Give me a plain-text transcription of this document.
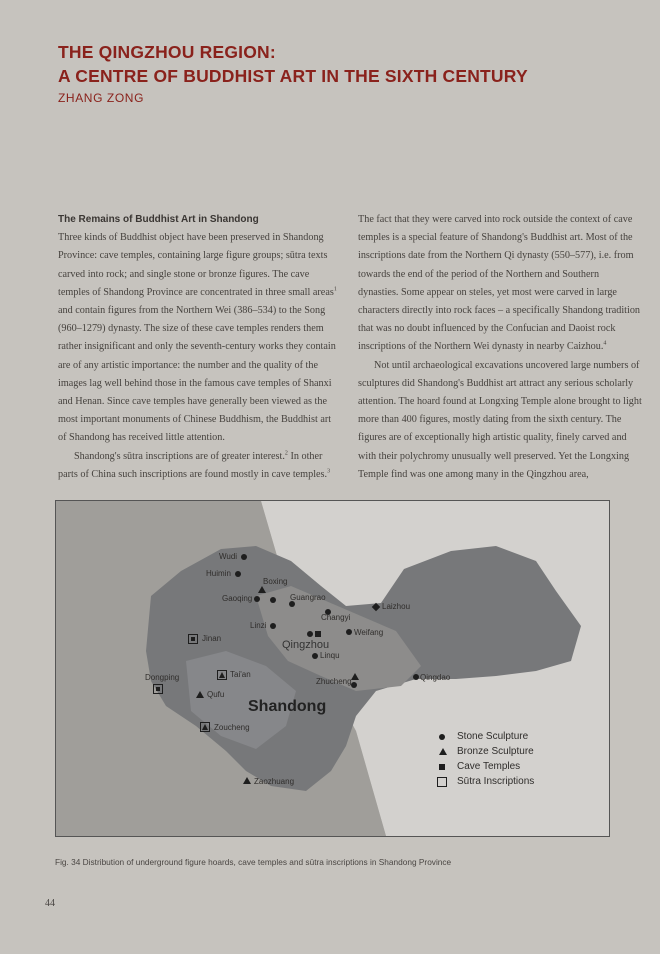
THE QINGZHOU REGION:
A CENTRE OF BUDDHIST ART IN THE SIXTH CENTURY
ZHANG ZONG

The Remains of Buddhist Art in Shandong

Three kinds of Buddhist object have been preserved in Shandong Province: cave temples, containing large figure groups; sūtra texts carved into rock; and single stone or bronze figures. The cave temples of Shandong Province are concentrated in three small areas$^1$ and contain figures from the Northern Wei (386–534) to the Song (960–1279) dynasty. The size of these cave temples renders them rather insignificant and only the seventh-century works they contain are of any artistic importance: the number and the quality of the images lag well behind those in the famous cave temples of Shanxi and Henan. Since cave temples have generally been viewed as the most important monuments of Chinese Buddhism, the Buddhist art of Shandong has received little attention.

Shandong's sūtra inscriptions are of greater interest.$^2$ In other parts of China such inscriptions are found mostly in cave temples.$^3$

The fact that they were carved into rock outside the context of cave temples is a special feature of Shandong's Buddhist art. Most of the inscriptions date from the Northern Qi dynasty (550–577), i.e. from towards the end of the period of the Northern and Southern dynasties. Some appear on steles, yet most were carved in large characters directly into rock faces – a specifically Shandong tradition that was no doubt influenced by the Confucian and Daoist rock inscriptions of the Northern Wei dynasty in nearby Caizhou.$^4$

Not until archaeological excavations uncovered large numbers of sculptures did Shandong's Buddhist art attract any serious scholarly attention. The hoard found at Longxing Temple alone brought to light more than 400 figures, mostly dating from the sixth century. The figures are of exceptionally high artistic quality, finely carved and with their polychromy unusually well preserved. Yet the Longxing Temple find was one among many in the Qingzhou area,

Wudi
Huimin
Boxing
Gaoqing	Guangrao
Changyi
Laizhou
Linzi
Jinan
Qingzhou
Weifang
Linqu
Tai'an
Dongping	Zhucheng	Qingdao
Qufu
Shandong
Zoucheng
Zaozhuang
Stone Sculpture
Bronze Sculpture
Cave Temples
Sūtra Inscriptions
Fig. 34 Distribution of underground figure hoards, cave temples and sūtra inscriptions in Shandong Province
44
